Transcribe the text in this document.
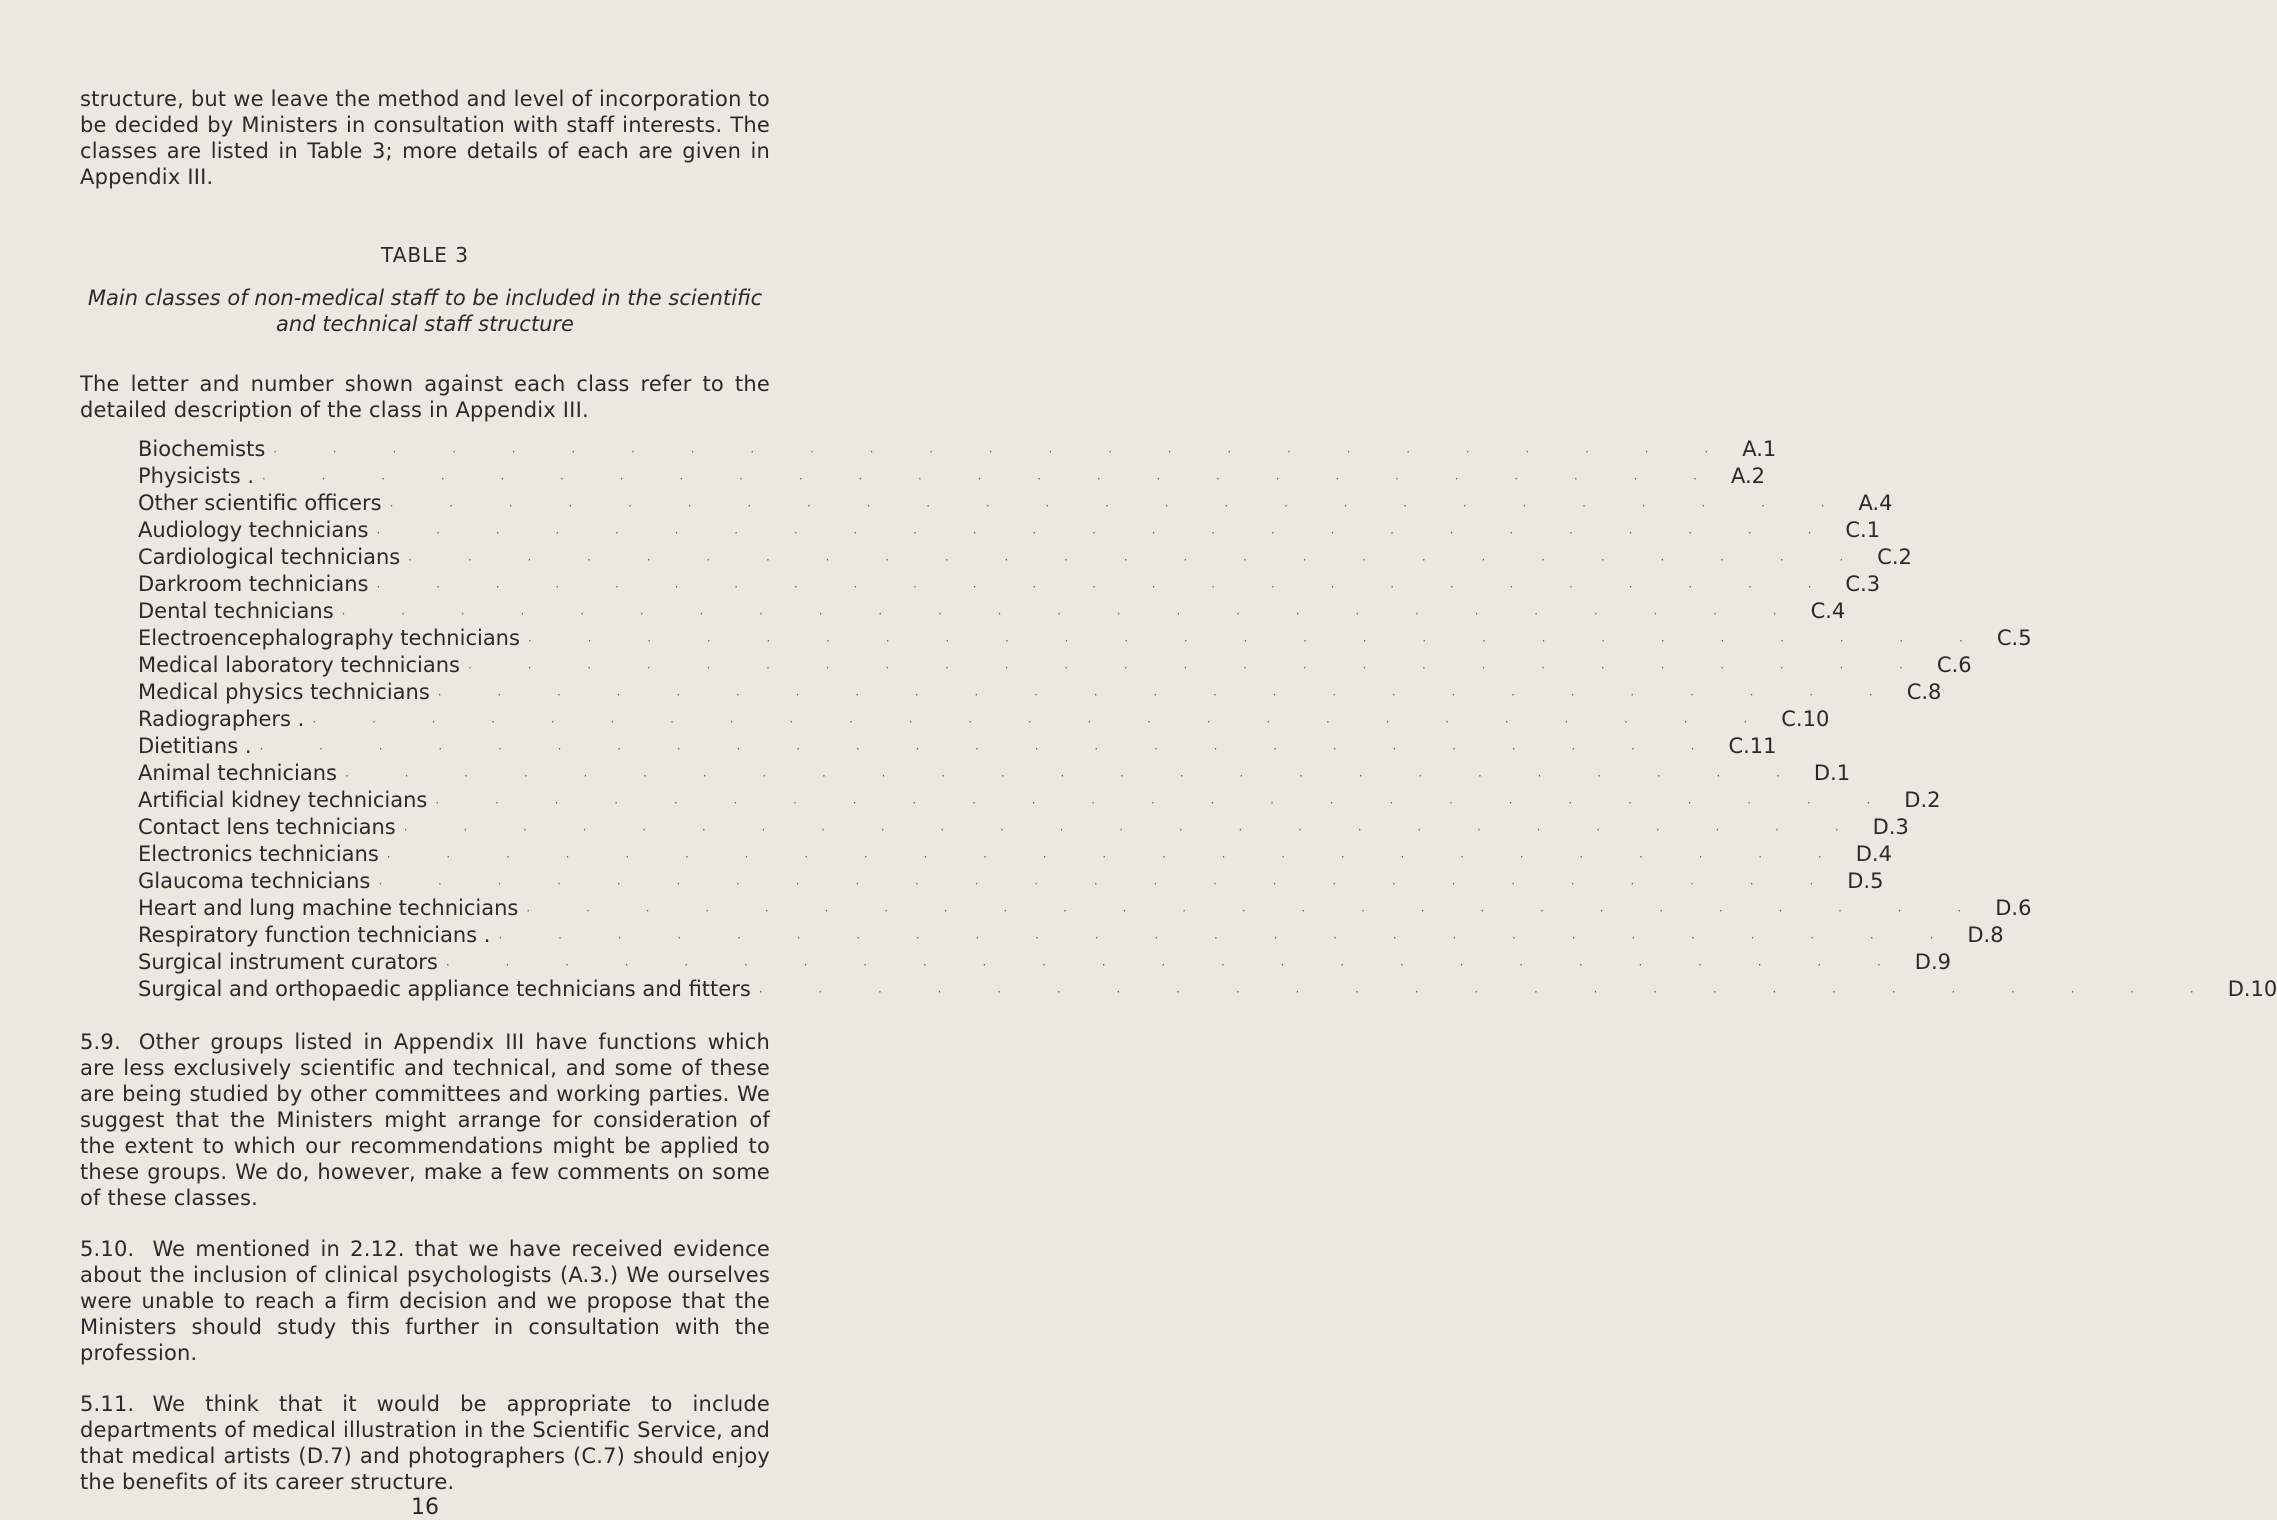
structure, but we leave the method and level of incorporation to be decided by Ministers in consultation with staff interests. The classes are listed in Table 3; more details of each are given in Appendix III.

TABLE 3
Main classes of non-medical staff to be included in the scientific and technical staff structure

The letter and number shown against each class refer to the detailed description of the class in Appendix III.

Biochemists · · · · · · · · · · · · · · · · · · · · · · · · · A.1
Physicists . · · · · · · · · · · · · · · · · · · · · · · · · · A.2
Other scientific officers · · · · · · · · · · · · · · · · · · · · · · · · · A.4
Audiology technicians · · · · · · · · · · · · · · · · · · · · · · · · · C.1
Cardiological technicians · · · · · · · · · · · · · · · · · · · · · · · · · C.2
Darkroom technicians · · · · · · · · · · · · · · · · · · · · · · · · · C.3
Dental technicians · · · · · · · · · · · · · · · · · · · · · · · · · C.4
Electroencephalography technicians · · · · · · · · · · · · · · · · · · · · · · · · · C.5
Medical laboratory technicians · · · · · · · · · · · · · · · · · · · · · · · · · C.6
Medical physics technicians · · · · · · · · · · · · · · · · · · · · · · · · · C.8
Radiographers . · · · · · · · · · · · · · · · · · · · · · · · · · C.10
Dietitians . · · · · · · · · · · · · · · · · · · · · · · · · · C.11
Animal technicians · · · · · · · · · · · · · · · · · · · · · · · · · D.1
Artificial kidney technicians · · · · · · · · · · · · · · · · · · · · · · · · · D.2
Contact lens technicians · · · · · · · · · · · · · · · · · · · · · · · · · D.3
Electronics technicians · · · · · · · · · · · · · · · · · · · · · · · · · D.4
Glaucoma technicians · · · · · · · · · · · · · · · · · · · · · · · · · D.5
Heart and lung machine technicians · · · · · · · · · · · · · · · · · · · · · · · · · D.6
Respiratory function technicians . · · · · · · · · · · · · · · · · · · · · · · · · · D.8
Surgical instrument curators · · · · · · · · · · · · · · · · · · · · · · · · · D.9
Surgical and orthopaedic appliance technicians and fitters · · · · · · · · · · · · · · · · · · · · · · · · · D.10

5.9. Other groups listed in Appendix III have functions which are less exclusively scientific and technical, and some of these are being studied by other committees and working parties. We suggest that the Ministers might arrange for consideration of the extent to which our recommendations might be applied to these groups. We do, however, make a few comments on some of these classes.

5.10. We mentioned in 2.12. that we have received evidence about the inclusion of clinical psychologists (A.3.) We ourselves were unable to reach a firm decision and we propose that the Ministers should study this further in consultation with the profession.

5.11. We think that it would be appropriate to include departments of medical illustration in the Scientific Service, and that medical artists (D.7) and photographers (C.7) should enjoy the benefits of its career structure.

16
